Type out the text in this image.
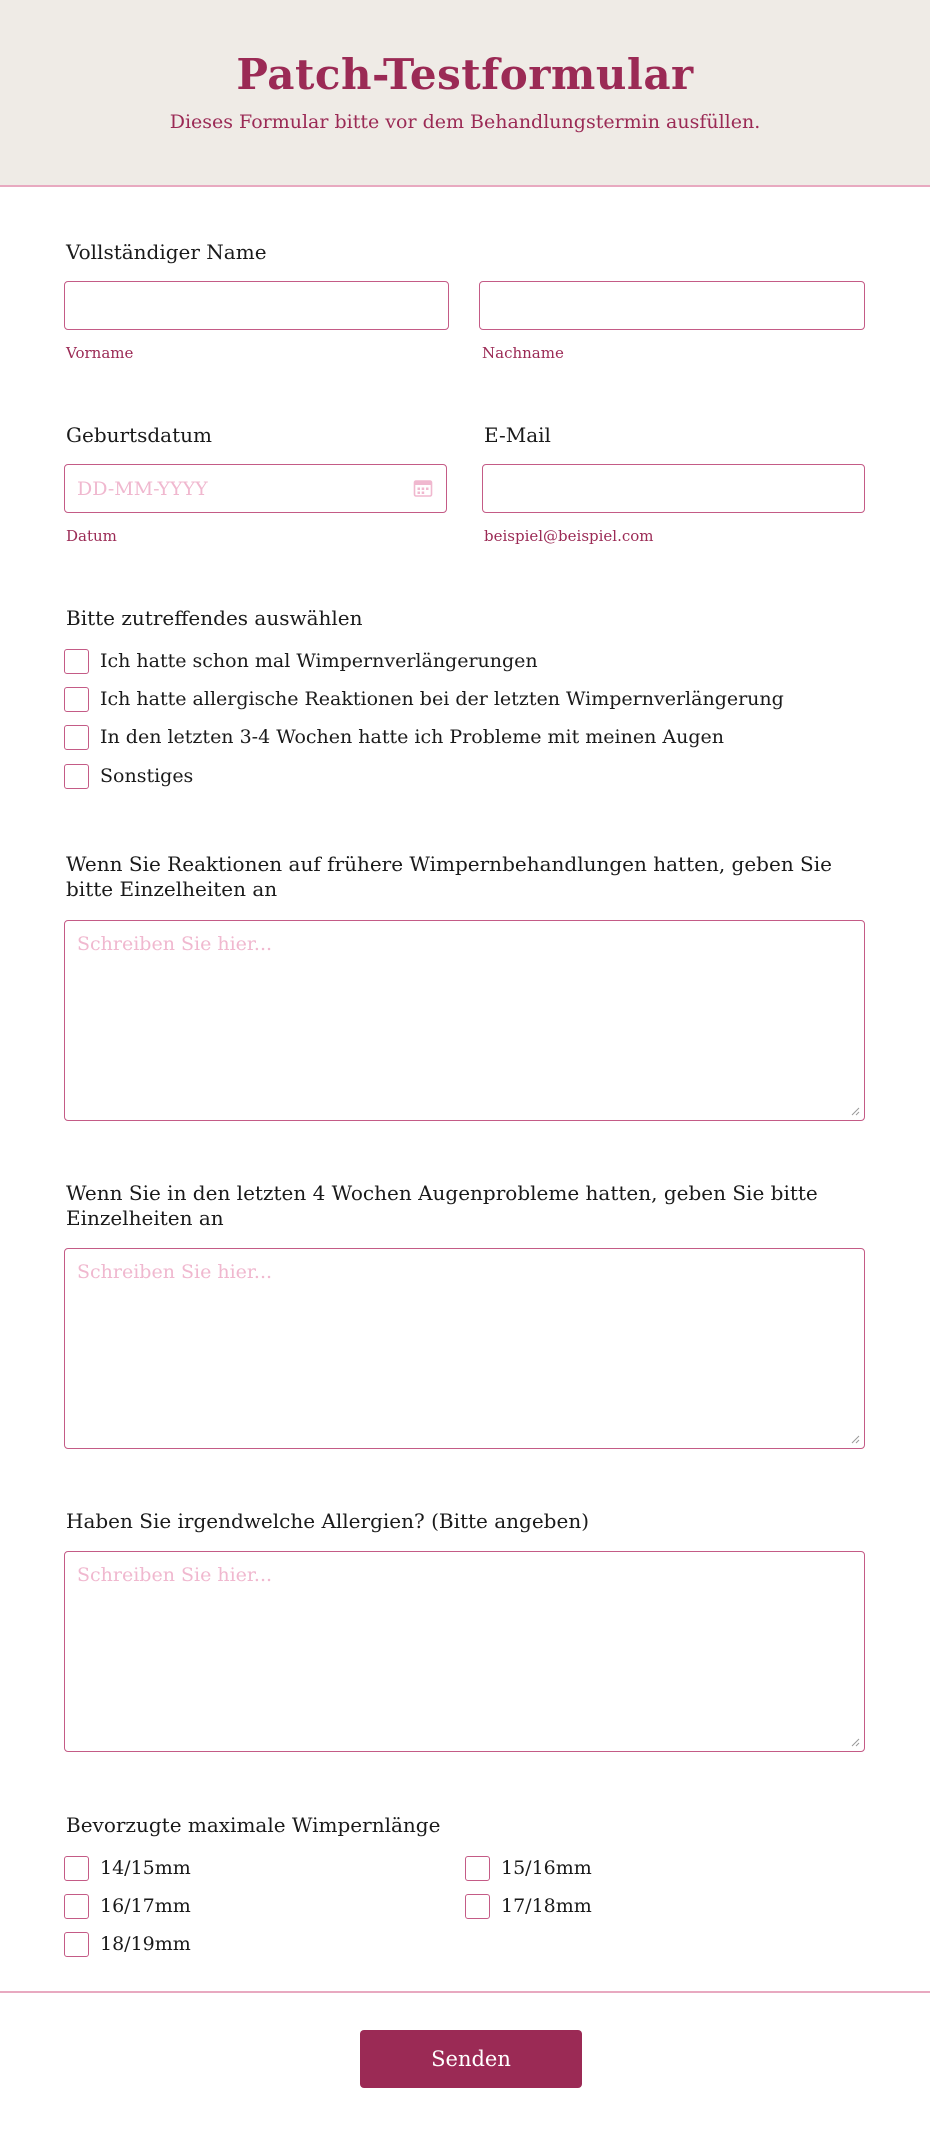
Patch-Testformular
Dieses Formular bitte vor dem Behandlungstermin ausfüllen.
Vollständiger Name
Vorname	Nachname
Geburtsdatum
DD-MM-YYYY
Datum
E-Mail
beispiel@beispiel.com
Bitte zutreffendes auswählen
Ich hatte schon mal Wimpernverlängerungen
Ich hatte allergische Reaktionen bei der letzten Wimpernverlängerung
In den letzten 3-4 Wochen hatte ich Probleme mit meinen Augen
Sonstiges
Wenn Sie Reaktionen auf frühere Wimpernbehandlungen hatten, geben Sie
bitte Einzelheiten an
Schreiben Sie hier...
Wenn Sie in den letzten 4 Wochen Augenprobleme hatten, geben Sie bitte
Einzelheiten an
Schreiben Sie hier...
Haben Sie irgendwelche Allergien? (Bitte angeben)
Schreiben Sie hier...
Bevorzugte maximale Wimpernlänge
14/15mm	15/16mm
16/17mm	17/18mm
18/19mm
Senden
